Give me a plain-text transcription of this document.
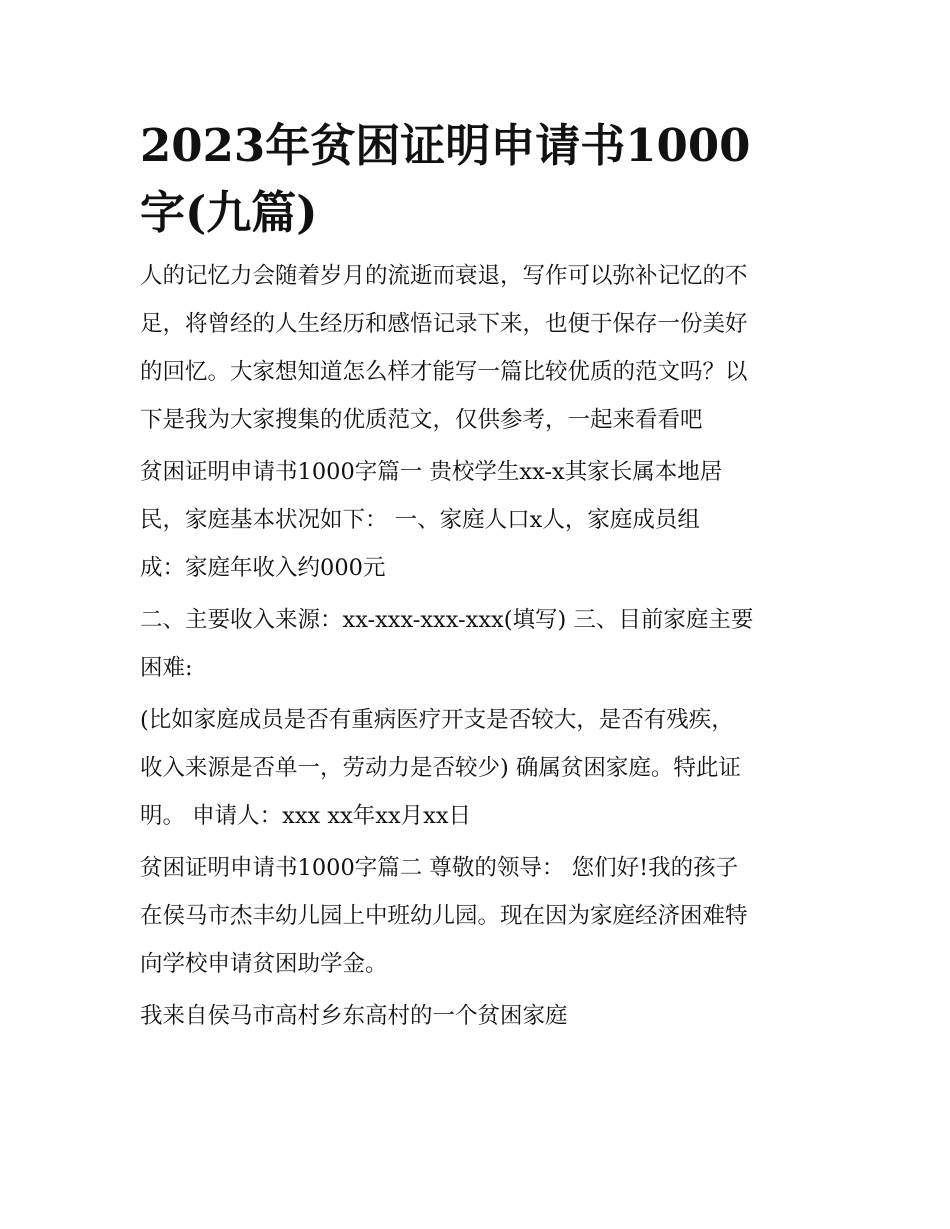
2023年贫困证明申请书1000
字(九篇)
人的记忆力会随着岁月的流逝而衰退，写作可以弥补记忆的不
足，将曾经的人生经历和感悟记录下来，也便于保存一份美好
的回忆。大家想知道怎么样才能写一篇比较优质的范文吗？以
下是我为大家搜集的优质范文，仅供参考，一起来看看吧
贫困证明申请书1000字篇一 贵校学生xx-x其家长属本地居
民，家庭基本状况如下： 一、家庭人口x人，家庭成员组
成：家庭年收入约000元
二、主要收入来源：xx-xxx-xxx-xxx(填写) 三、目前家庭主要
困难:
(比如家庭成员是否有重病医疗开支是否较大，是否有残疾，
收入来源是否单一，劳动力是否较少) 确属贫困家庭。特此证
明。 申请人：xxx xx年xx月xx日
贫困证明申请书1000字篇二 尊敬的领导： 您们好!我的孩子
在侯马市杰丰幼儿园上中班幼儿园。现在因为家庭经济困难特
向学校申请贫困助学金。
我来自侯马市高村乡东高村的一个贫困家庭
